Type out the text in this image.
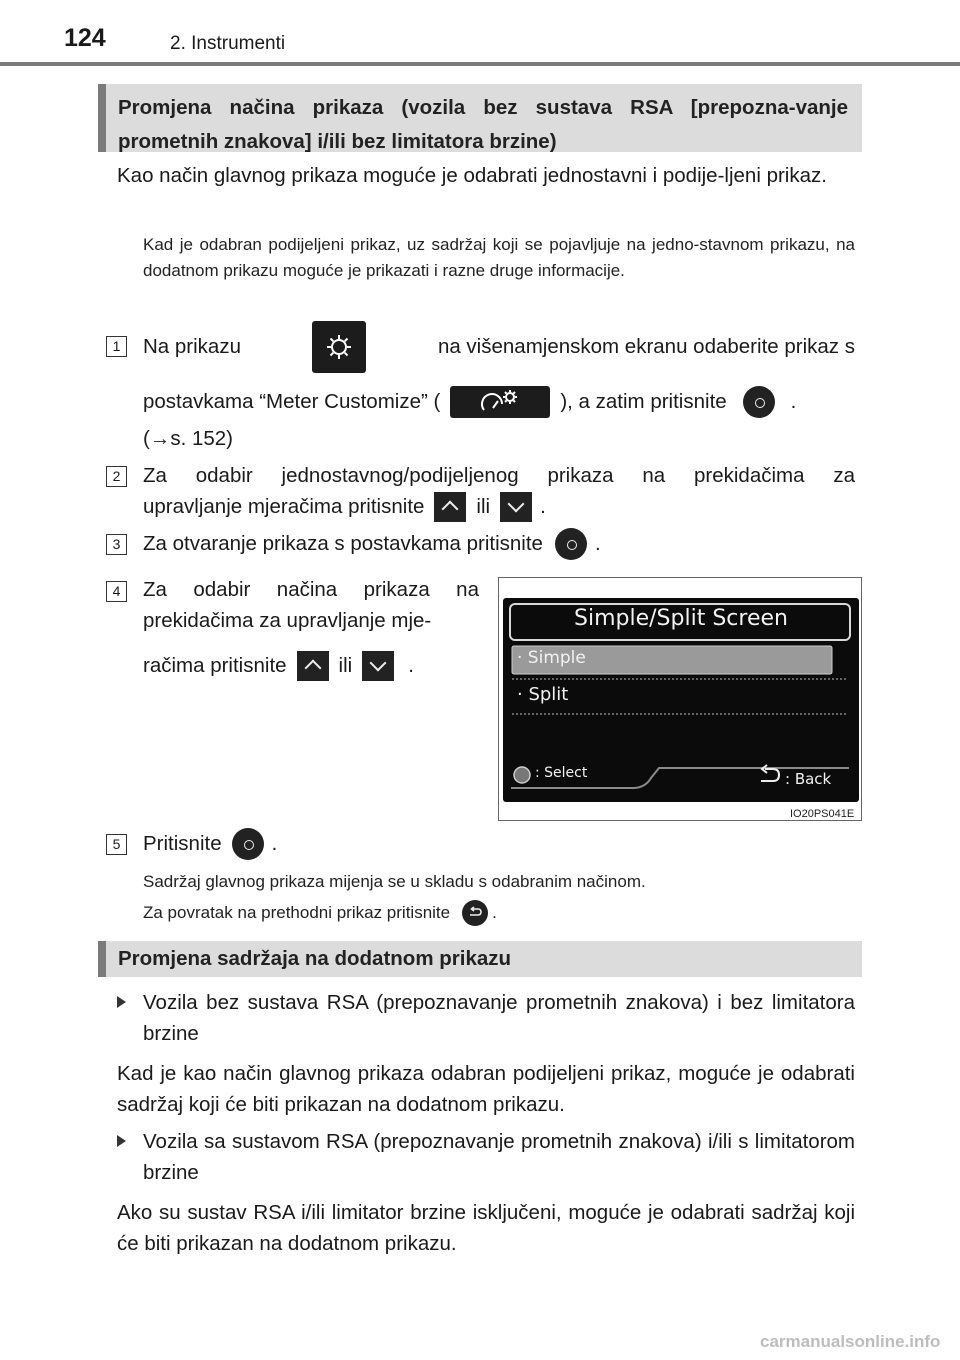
124	2. Instrumenti
Promjena načina prikaza (vozila bez sustava RSA [prepozna-vanje prometnih znakova] i/ili bez limitatora brzine)
Kao način glavnog prikaza moguće je odabrati jednostavni i podije-ljeni prikaz.
Kad je odabran podijeljeni prikaz, uz sadržaj koji se pojavljuje na jedno-stavnom prikazu, na dodatnom prikazu moguće je prikazati i razne druge informacije.
1	Na prikazu	na višenamjenskom ekranu odaberite prikaz s
postavkama “Meter Customize” (	), a zatim pritisnite	.
(→s. 152)
2	Za odabir jednostavnog/podijeljenog prikaza na prekidačima za
upravljanje mjeračima pritisnite	ili .
3	Za otvaranje prikaza s postavkama pritisnite	.
4	Za odabir načina prikaza na
prekidačima za upravljanje mje-
račima pritisnite	ili	.
Simple/Split Screen
· Simple
· Split
: Select	: Back
IO20PS041E
5	Pritisnite .
Sadržaj glavnog prikaza mijenja se u skladu s odabranim načinom.
Za povratak na prethodni prikaz pritisnite .
Promjena sadržaja na dodatnom prikazu
Vozila bez sustava RSA (prepoznavanje prometnih znakova) i bez limitatora brzine
Kad je kao način glavnog prikaza odabran podijeljeni prikaz, moguće je odabrati sadržaj koji će biti prikazan na dodatnom prikazu.
Vozila sa sustavom RSA (prepoznavanje prometnih znakova) i/ili s limitatorom brzine
Ako su sustav RSA i/ili limitator brzine isključeni, moguće je odabrati sadržaj koji će biti prikazan na dodatnom prikazu.
carmanualsonline.info
